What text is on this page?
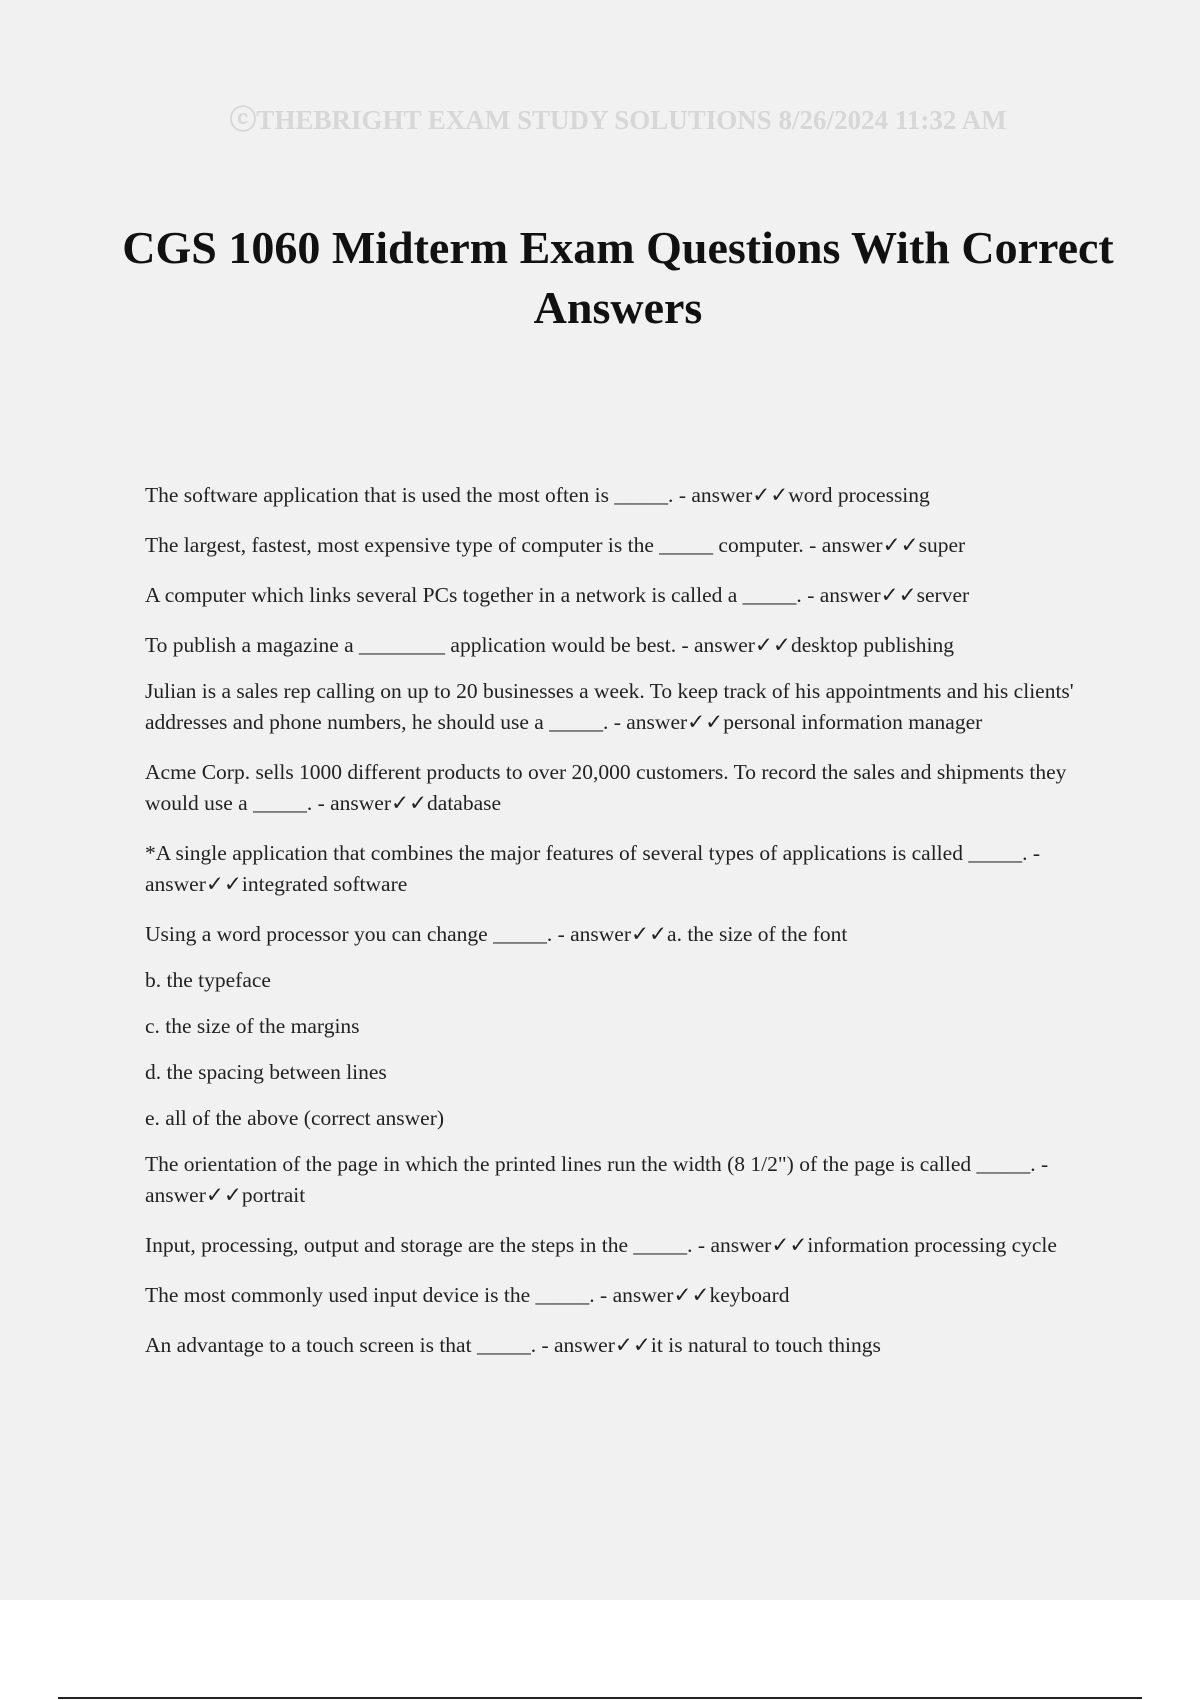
ⓒTHEBRIGHT EXAM STUDY SOLUTIONS 8/26/2024 11:32 AM
CGS 1060 Midterm Exam Questions With Correct Answers

The software application that is used the most often is _____. - answer✓✓word processing

The largest, fastest, most expensive type of computer is the _____ computer. - answer✓✓super

A computer which links several PCs together in a network is called a _____. - answer✓✓server

To publish a magazine a ________ application would be best. - answer✓✓desktop publishing

Julian is a sales rep calling on up to 20 businesses a week. To keep track of his appointments and his clients' addresses and phone numbers, he should use a _____. - answer✓✓personal information manager

Acme Corp. sells 1000 different products to over 20,000 customers. To record the sales and shipments they would use a _____. - answer✓✓database

*A single application that combines the major features of several types of applications is called _____. - answer✓✓integrated software

Using a word processor you can change _____. - answer✓✓a. the size of the font

b. the typeface

c. the size of the margins

d. the spacing between lines

e. all of the above (correct answer)

The orientation of the page in which the printed lines run the width (8 1/2") of the page is called _____. - answer✓✓portrait

Input, processing, output and storage are the steps in the _____. - answer✓✓information processing cycle

The most commonly used input device is the _____. - answer✓✓keyboard

An advantage to a touch screen is that _____. - answer✓✓it is natural to touch things
